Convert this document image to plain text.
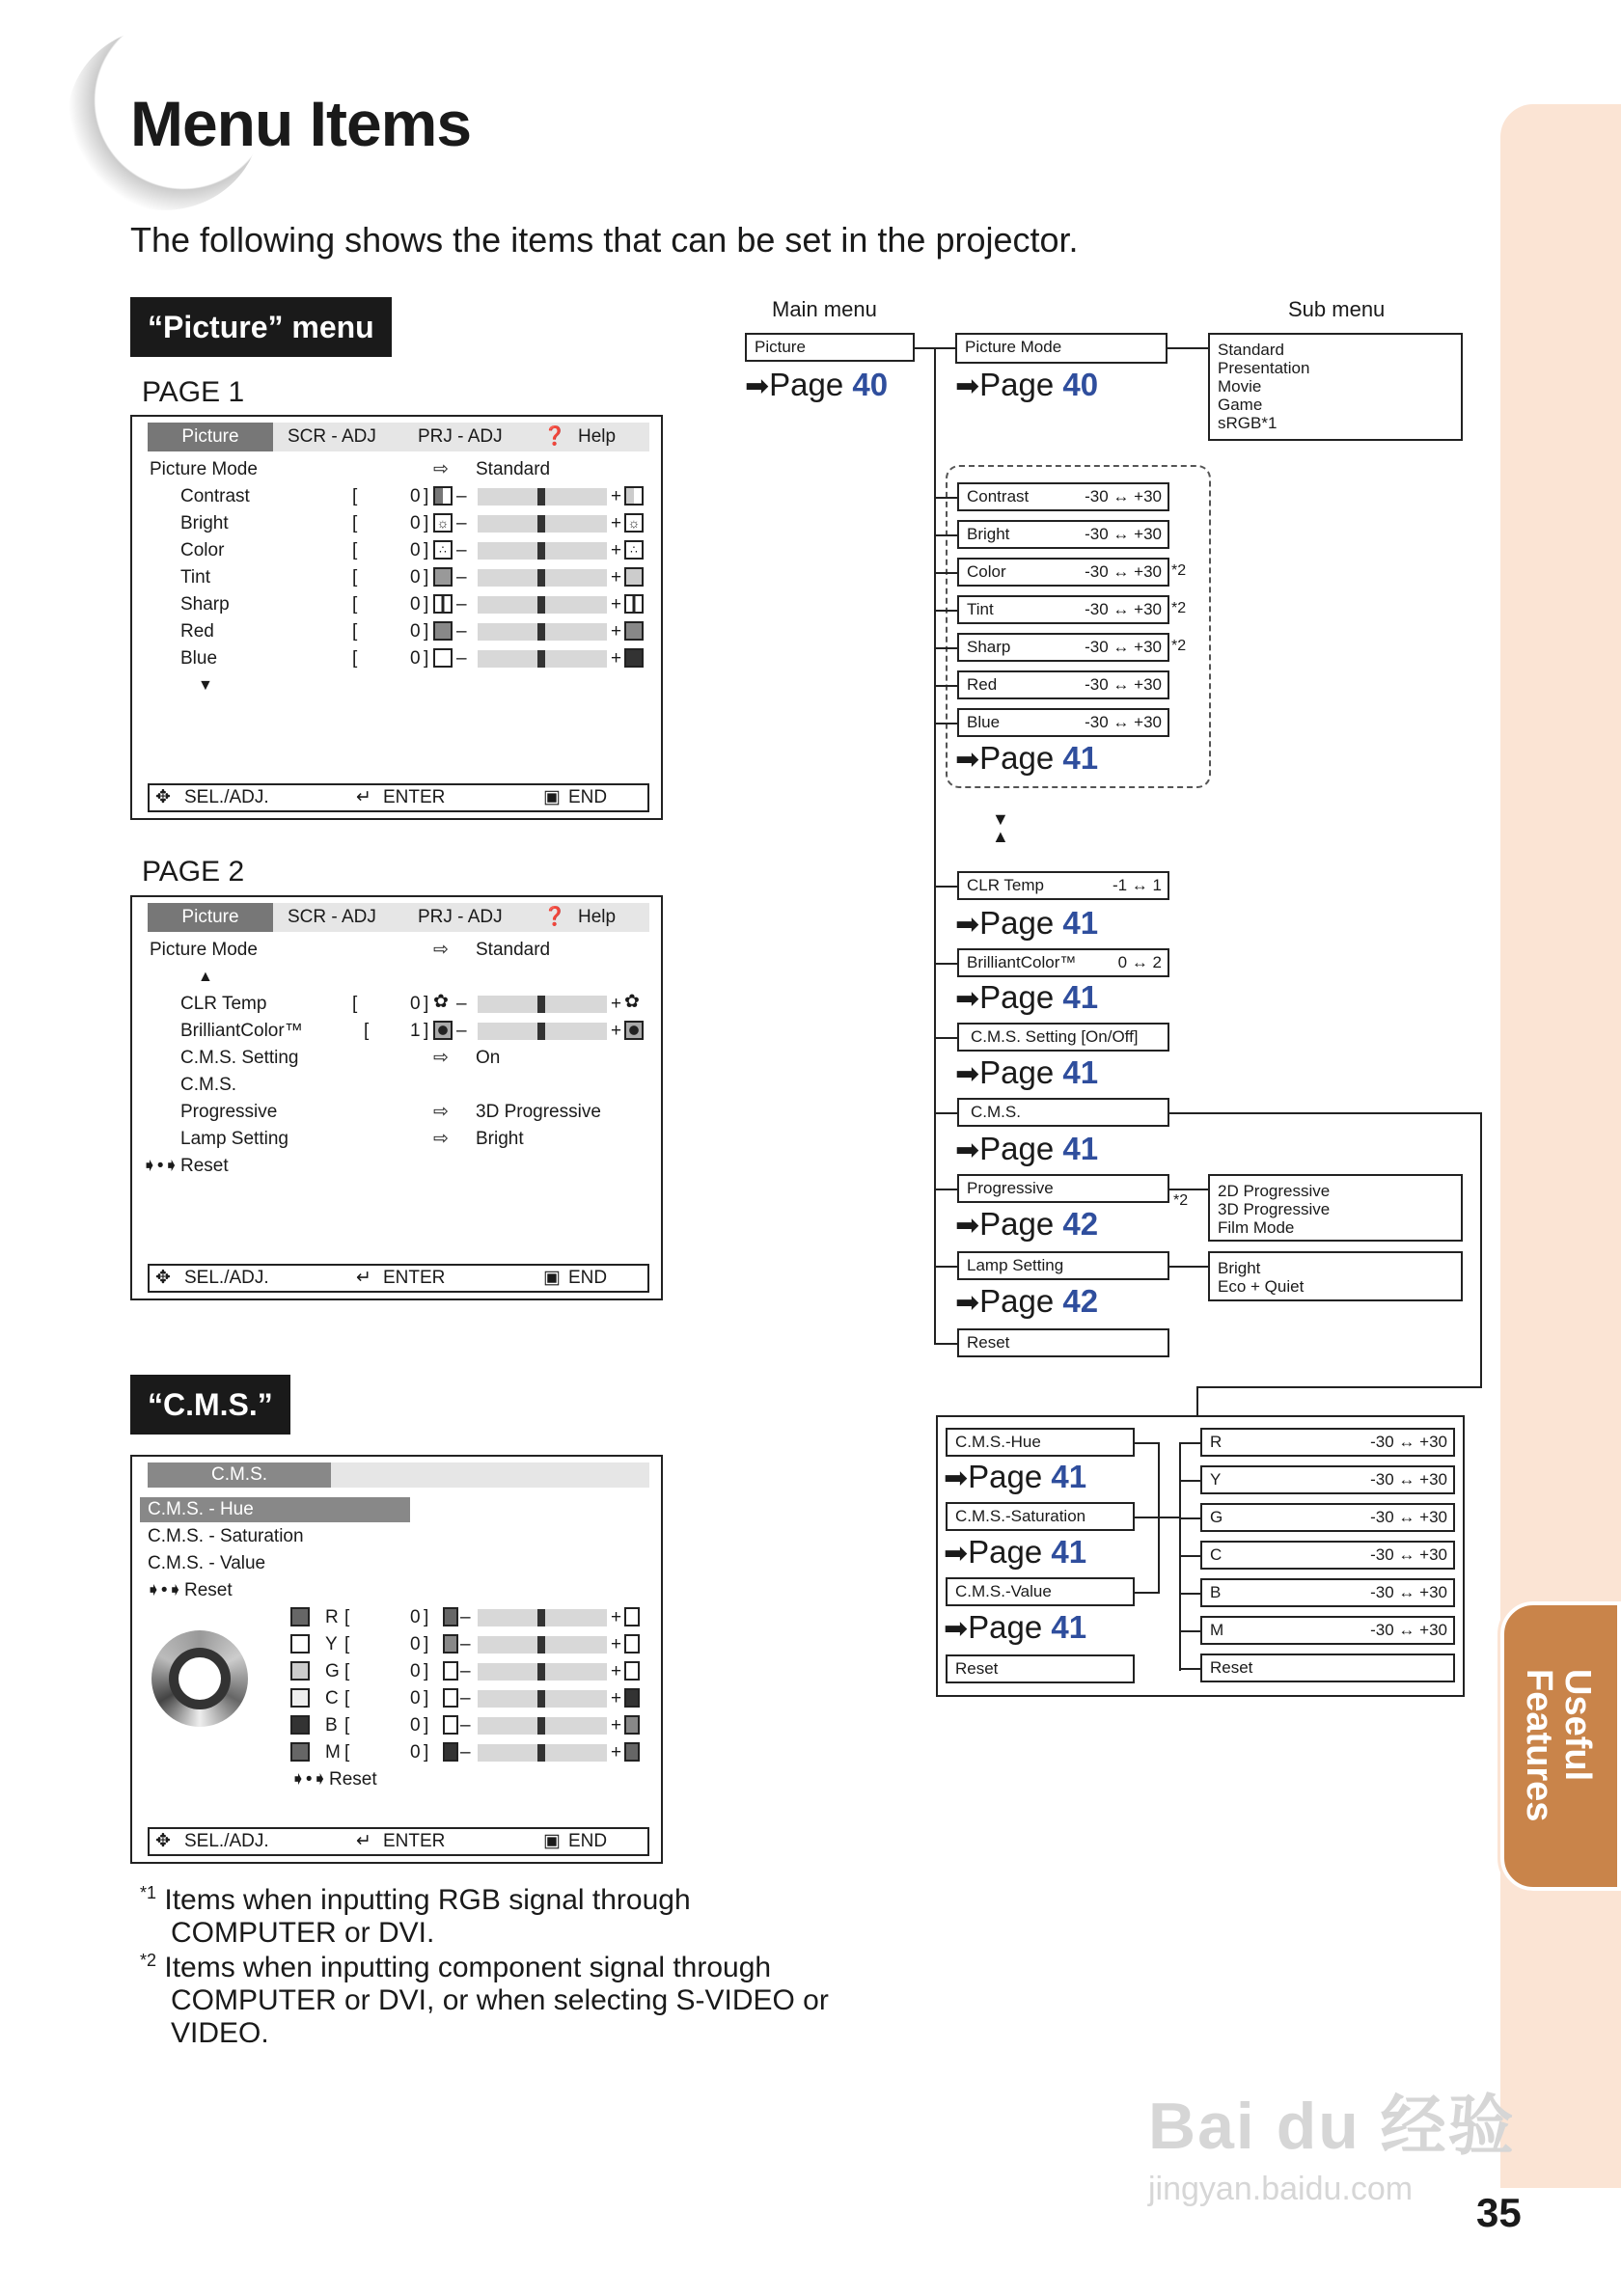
Useful Features
Menu Items

The following shows the items that can be set in the projector.

“Picture” menu
PAGE 1
Picture	SCR - ADJ PRJ - ADJ ❓ Help
Picture Mode	⇨ Standard
Contrast	[	0 ] –	+
Bright	[	0 ] ☼ –	+ ☼
Color	[	0 ] ∴ –	+ ∴
Tint	[	0 ] –	+
Sharp	[	0 ] –	+
Red	[	0 ] –	+
Blue	[	0 ] –	+
▼
✥ SEL./ADJ.	↵ ENTER	▣ END
PAGE 2
Picture	SCR - ADJ PRJ - ADJ ❓ Help
Picture Mode	⇨ Standard
▲
CLR Temp	[	0 ] ✿ –	+ ✿
BrilliantColor™	[ 1 ] –	+
C.M.S. Setting	⇨ On
C.M.S.
Progressive	⇨ 3D Progressive
Lamp Setting	⇨ Bright
➧•➧ Reset
✥ SEL./ADJ.	↵ ENTER	▣ END
“C.M.S.”
C.M.S.
C.M.S. - Hue
C.M.S. - Saturation
C.M.S. - Value
➧•➧ Reset
R [	0 ] –	+
Y [	0 ] –	+
G [	0 ] –	+
C [	0 ] –	+
B [	0 ] –	+
M [	0 ] –	+
➧•➧ Reset
✥ SEL./ADJ.	↵ ENTER	▣ END
$^{*1}$ Items when inputting RGB signal through
COMPUTER or DVI.
$^{*2}$ Items when inputting component signal through
COMPUTER or DVI, or when selecting S-VIDEO or
VIDEO.
Main menu	Sub menu
Picture
➡Page 40
Picture Mode	Standard
Presentation
Movie
Game
sRGB*1
➡Page 40
Contrast	-30 ↔ +30
Bright	-30 ↔ +30
Color	-30 ↔ +30 *2
Tint	-30 ↔ +30 *2
Sharp	-30 ↔ +30 *2
Red	-30 ↔ +30
Blue	-30 ↔ +30
➡Page 41
▼
▲
CLR Temp	-1 ↔ 1
➡Page 41
BrilliantColor™	0 ↔ 2
➡Page 41
C.M.S. Setting [On/Off]
➡Page 41
C.M.S.
➡Page 41
Progressive
*2
2D Progressive
3D Progressive
Film Mode
➡Page 42
Lamp Setting	Bright
Eco + Quiet
➡Page 42
Reset
C.M.S.-Hue
➡Page 41
C.M.S.-Saturation
➡Page 41
C.M.S.-Value
➡Page 41
Reset
R	-30 ↔ +30
Y	-30 ↔ +30
G	-30 ↔ +30
C	-30 ↔ +30
B	-30 ↔ +30
M	-30 ↔ +30
Reset
Bai du 经验
jingyan.baidu.com
35
